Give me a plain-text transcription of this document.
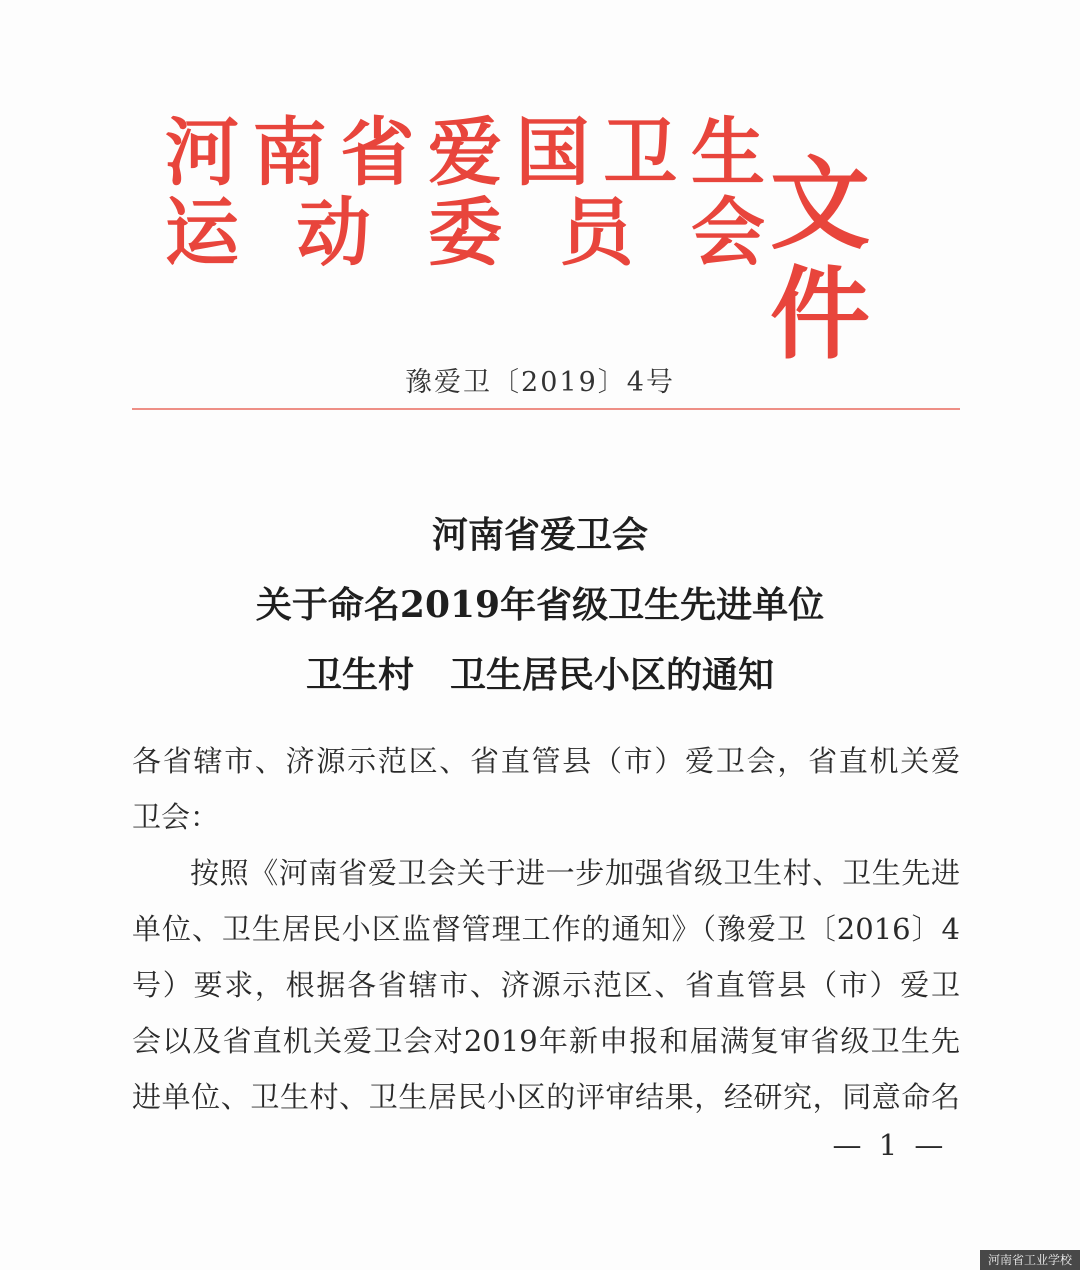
河 南 省 爱 国 卫 生
运 动 委 员 会 文件
豫爱卫〔2019〕4号
河南省爱卫会
关于命名2019年省级卫生先进单位
卫生村　卫生居民小区的通知
各省辖市、济源示范区、省直管县（市）爱卫会，省直机关爱
卫会：
按照《河南省爱卫会关于进一步加强省级卫生村、卫生先进
单位、卫生居民小区监督管理工作的通知》（豫爱卫〔2016〕4
号）要求，根据各省辖市、济源示范区、省直管县（市）爱卫
会以及省直机关爱卫会对2019年新申报和届满复审省级卫生先
进单位、卫生村、卫生居民小区的评审结果，经研究，同意命名
— 1 —
河南省工业学校
